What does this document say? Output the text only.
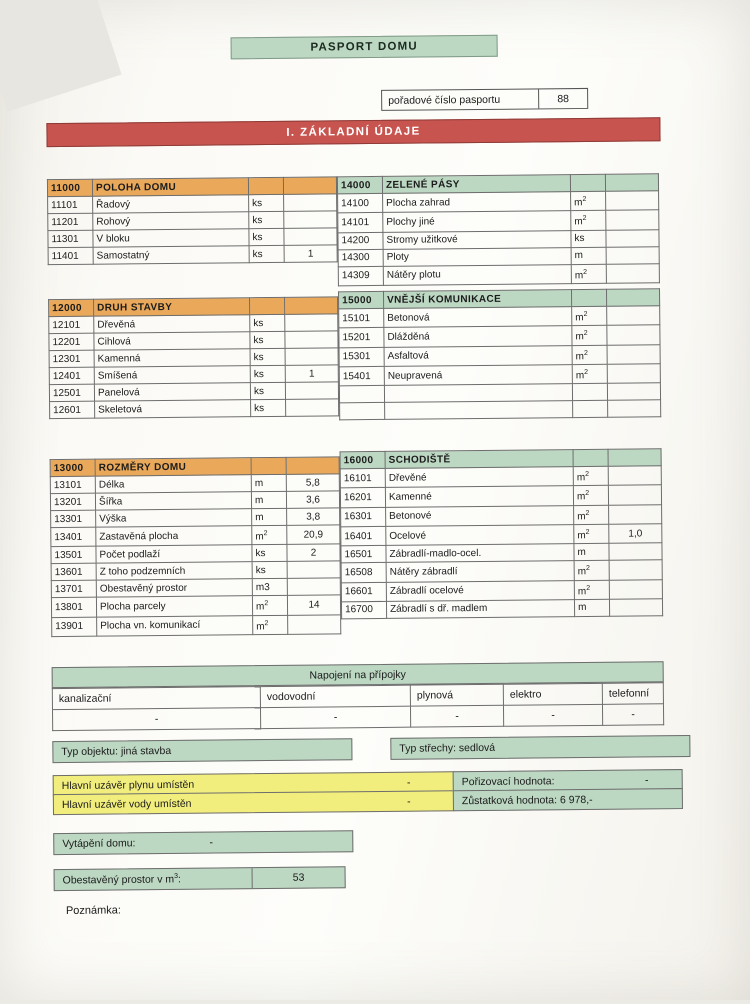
PASPORT DOMU
pořadové číslo pasportu	88
I. ZÁKLADNÍ ÚDAJE
11000	POLOHA DOMU		
11101	Řadový	ks	
11201	Rohový	ks	
11301	V bloku	ks	
11401	Samostatný	ks	1
12000	DRUH STAVBY		
12101	Dřevěná	ks	
12201	Cihlová	ks	
12301	Kamenná	ks	
12401	Smíšená	ks	1
12501	Panelová	ks	
12601	Skeletová	ks	
13000	ROZMĚRY DOMU		
13101	Délka	m	5,8
13201	Šířka	m	3,6
13301	Výška	m	3,8
13401	Zastavěná plocha	$m^2$	20,9
13501	Počet podlaží	ks	2
13601	Z toho podzemních	ks	
13701	Obestavěný prostor	m3	
13801	Plocha parcely	$m^2$	14
13901	Plocha vn. komunikací	$m^2$	
14000	ZELENÉ PÁSY		
14100	Plocha zahrad	$m^2$	
14101	Plochy jiné	$m^2$	
14200	Stromy užitkové	ks	
14300	Ploty	m	
14309	Nátěry plotu	$m^2$	
15000	VNĚJŠÍ KOMUNIKACE		
15101	Betonová	$m^2$	
15201	Dlážděná	$m^2$	
15301	Asfaltová	$m^2$	
15401	Neupravená	$m^2$	

16000	SCHODIŠTĚ		
16101	Dřevěné	$m^2$	
16201	Kamenné	$m^2$	
16301	Betonové	$m^2$	
16401	Ocelové	$m^2$	1,0
16501	Zábradlí-madlo-ocel.	m	
16508	Nátěry zábradlí	$m^2$	
16601	Zábradlí ocelové	$m^2$	
16700	Zábradlí s dř. madlem	m	
Napojení na přípojky
kanalizační	vodovodní	plynová	elektro	telefonní
-	-	-	-	-
Typ objektu: jiná stavba	Typ střechy: sedlová
Hlavní uzávěr plynu umístěn	-
Hlavní uzávěr vody umístěn	-
Pořizovací hodnota:	-
Zůstatková hodnota: 6 978,-
Vytápění domu:	-
Obestavěný prostor v $m^3$:	53
Poznámka:
